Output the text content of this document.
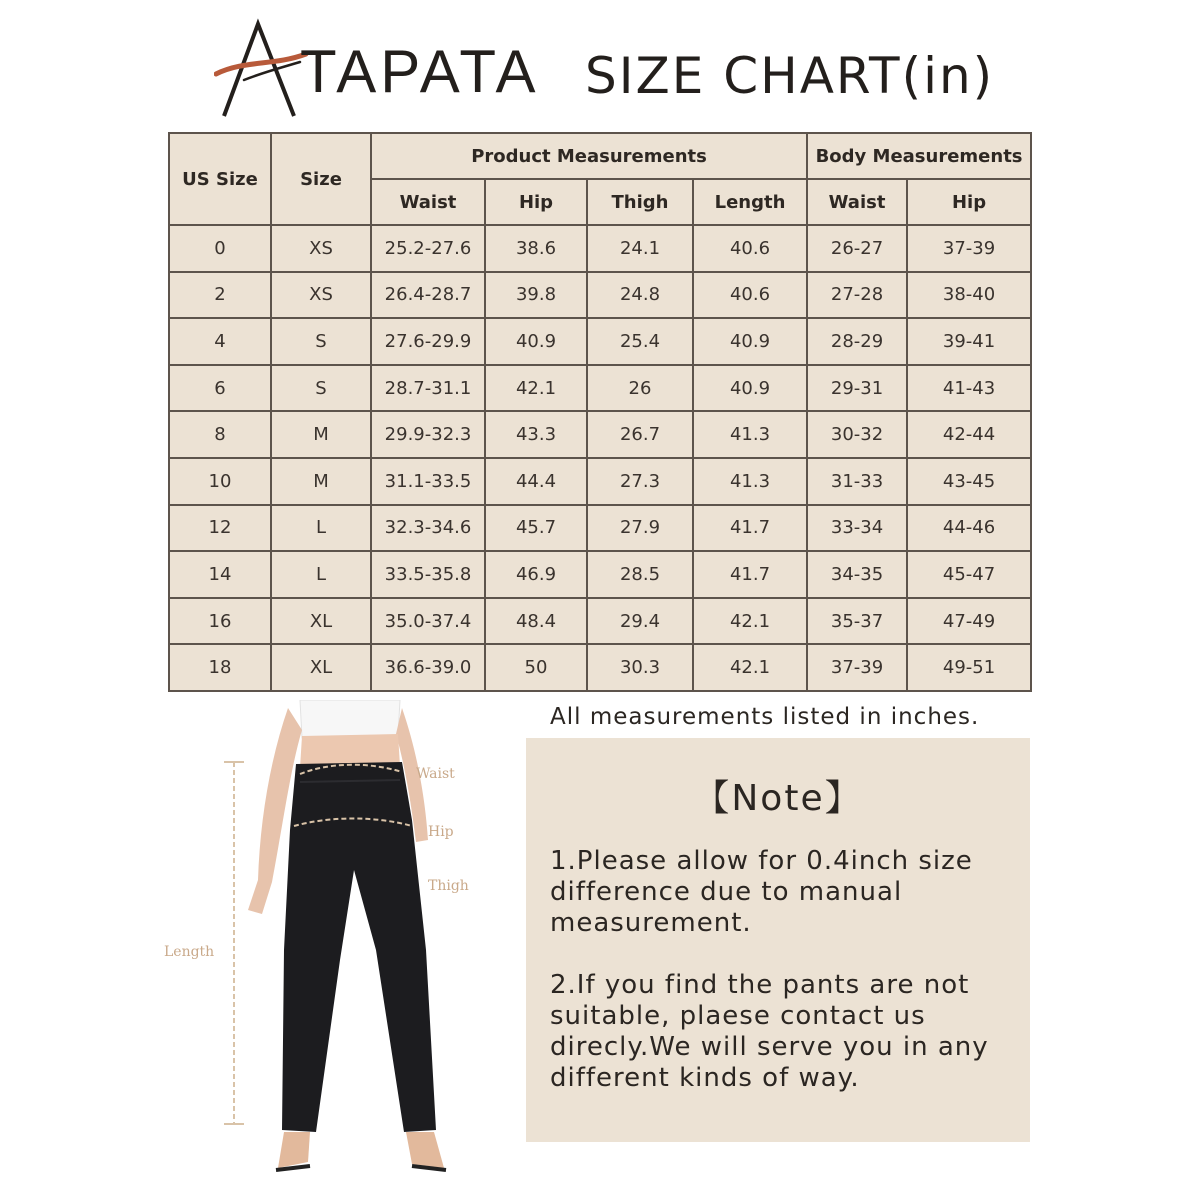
TAPATA SIZE CHART(in)
US Size	Size	Product Measurements				Body Measurements	
		Waist	Hip	Thigh	Length	Waist	Hip
0	XS	25.2-27.6	38.6	24.1	40.6	26-27	37-39
2	XS	26.4-28.7	39.8	24.8	40.6	27-28	38-40
4	S	27.6-29.9	40.9	25.4	40.9	28-29	39-41
6	S	28.7-31.1	42.1	26	40.9	29-31	41-43
8	M	29.9-32.3	43.3	26.7	41.3	30-32	42-44
10	M	31.1-33.5	44.4	27.3	41.3	31-33	43-45
12	L	32.3-34.6	45.7	27.9	41.7	33-34	44-46
14	L	33.5-35.8	46.9	28.5	41.7	34-35	45-47
16	XL	35.0-37.4	48.4	29.4	42.1	35-37	47-49
18	XL	36.6-39.0	50	30.3	42.1	37-39	49-51
All measurements listed in inches.
Waist
Hip
Thigh
Length
【Note】
1.Please allow for 0.4inch size difference due to manual measurement.
2.If you find the pants are not suitable, plaese contact us direcly.We will serve you in any different kinds of way.
